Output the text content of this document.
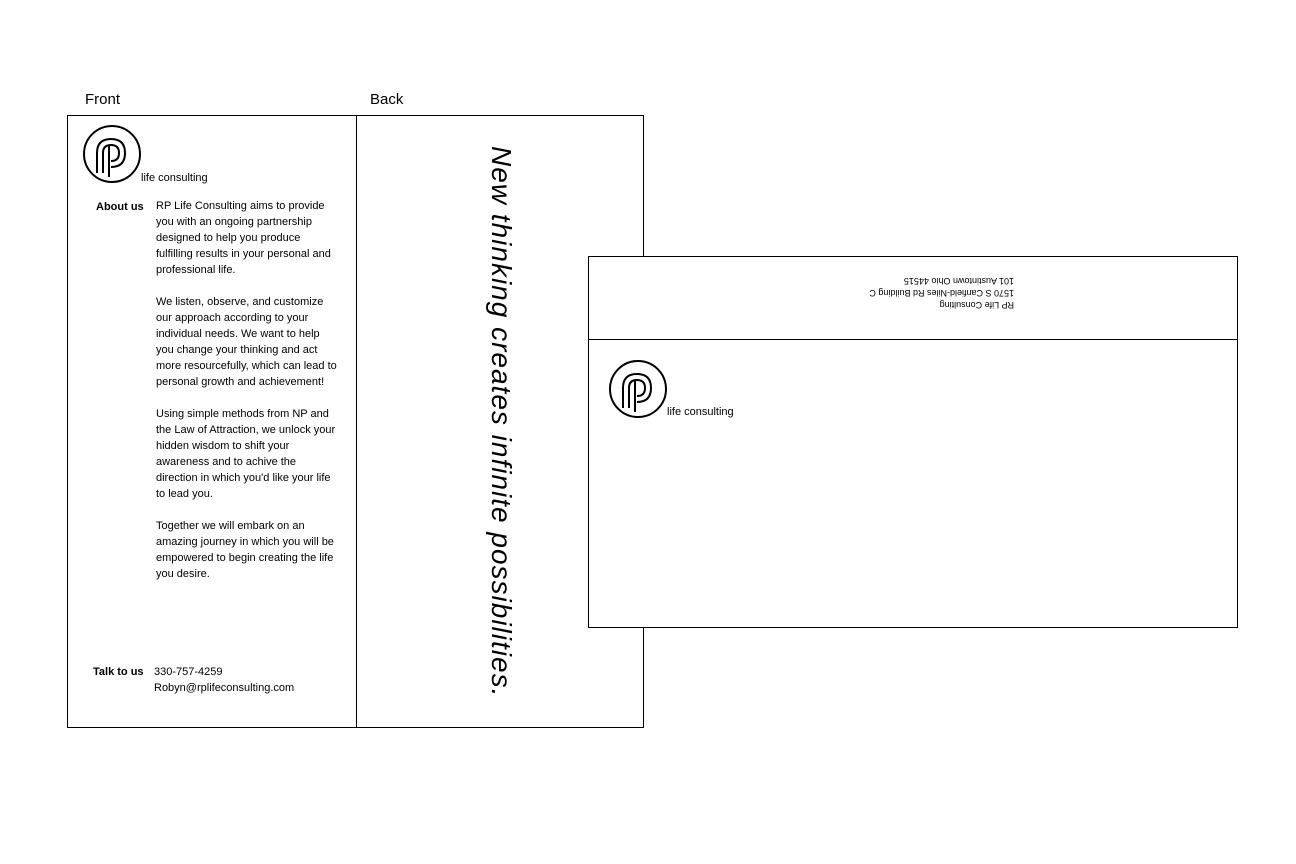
Front	Back
life consulting
About us RP Life Consulting aims to provide you with an ongoing partnership designed to help you produce fulfilling results in your personal and professional life.

We listen, observe, and customize our approach according to your individual needs. We want to help you change your thinking and act more resourcefully, which can lead to personal growth and achievement!

Using simple methods from NP and the Law of Attraction, we unlock your hidden wisdom to shift your awareness and to achive the direction in which you'd like your life to lead you.

Together we will embark on an amazing journey in which you will be empowered to begin creating the life you desire.

Talk to us 330-757-4259
Robyn@rplifeconsulting.com	New thinking creates infinite possibilities.	RP Life Consulting
1570 S Canfield-Niles Rd Building C
101 Austintown Ohio 44515
life consulting
